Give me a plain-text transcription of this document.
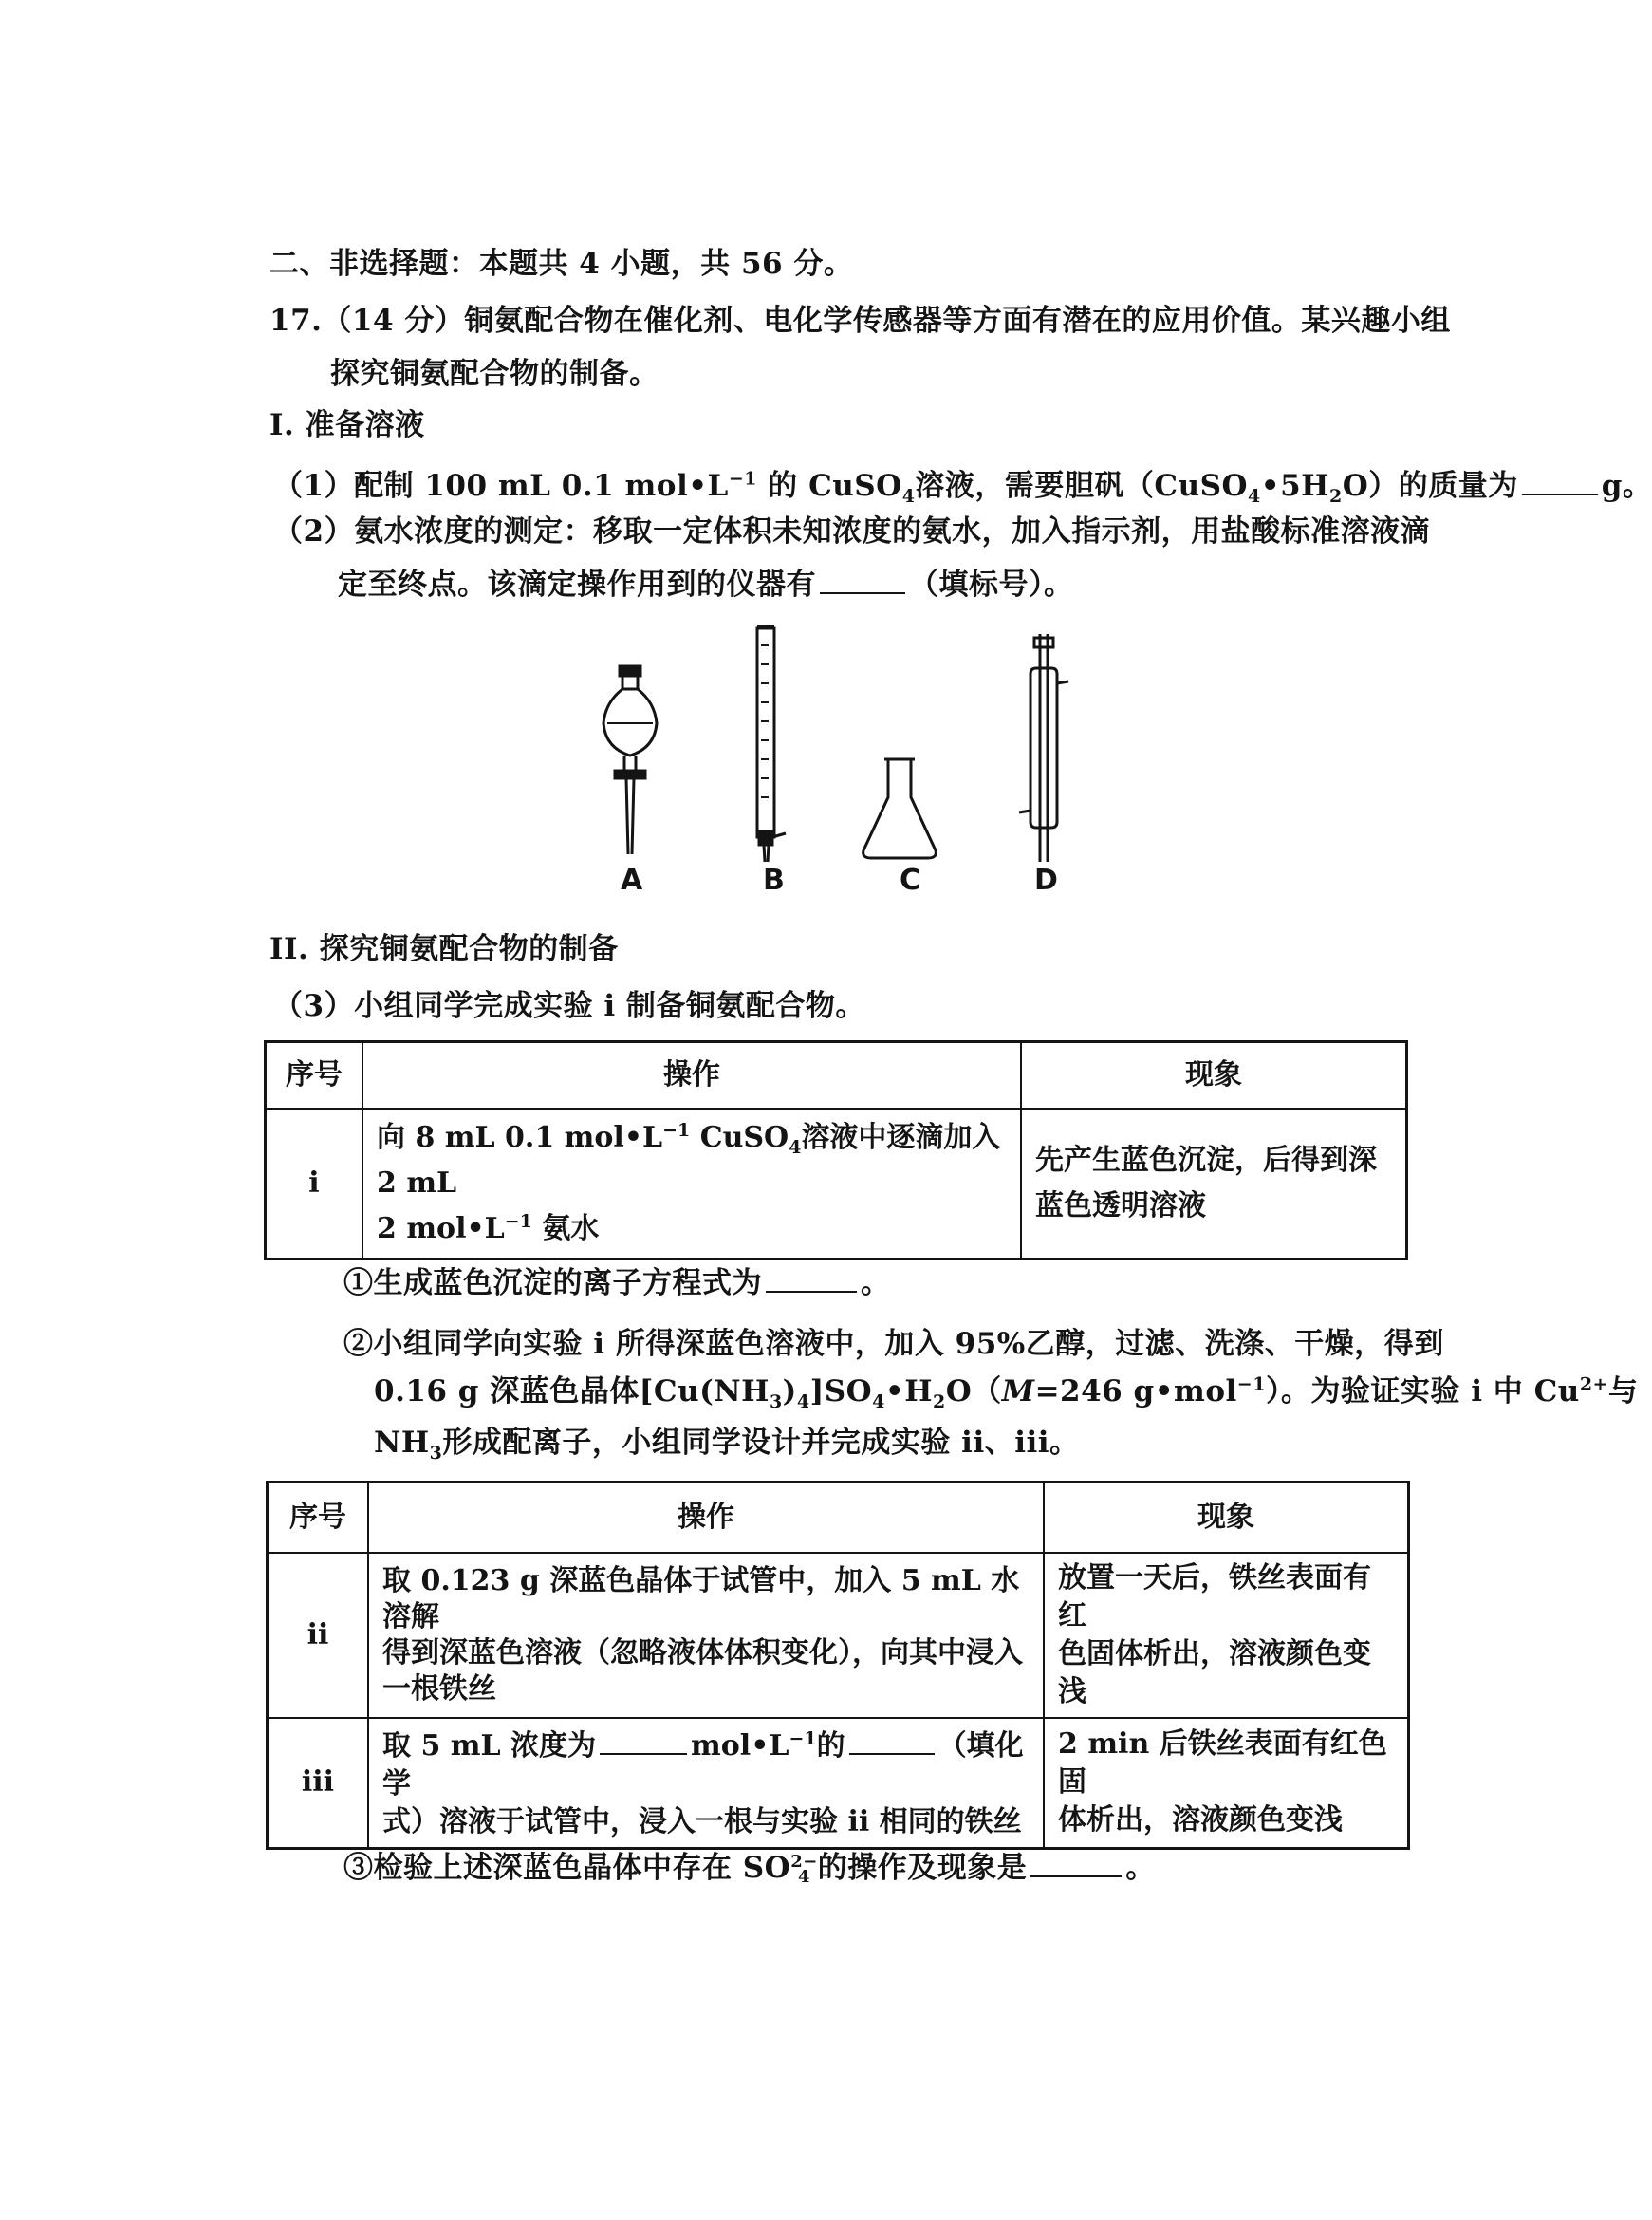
二、非选择题：本题共 4 小题，共 56 分。
17.（14 分）铜氨配合物在催化剂、电化学传感器等方面有潜在的应用价值。某兴趣小组
探究铜氨配合物的制备。
I. 准备溶液
（1）配制 100 mL 0.1 $mol•L^{-1}$ 的 CuSO$_4$溶液，需要胆矾$(CuSO_4•5H_2O)$的质量为	g。
（2）氨水浓度的测定：移取一定体积未知浓度的氨水，加入指示剂，用盐酸标准溶液滴
定至终点。该滴定操作用到的仪器有	（填标号）。
A	B	C	D
II. 探究铜氨配合物的制备
（3）小组同学完成实验 i 制备铜氨配合物。
序号	操作	现象
i	向 8 mL 0.1 $mol•L^{-1}$ CuSO$_4$溶液中逐滴加入 2 mL
2 $mol•L^{-1}$ 氨水	先产生蓝色沉淀，后得到深
蓝色透明溶液
①生成蓝色沉淀的离子方程式为	。
②小组同学向实验 i 所得深蓝色溶液中，加入 95%乙醇，过滤、洗涤、干燥，得到
0.16 g 深蓝色晶体$[Cu(NH_3)_4]SO_4•H_2O(M=246$ g•mol$^{-1}$）。为验证实验 i 中 $Cu^{2+}$与
$NH_3$形成配离子，小组同学设计并完成实验 ii、iii。
序号	操作	现象
ii	取 0.123 g 深蓝色晶体于试管中，加入 5 mL 水溶解
得到深蓝色溶液（忽略液体体积变化），向其中浸入
一根铁丝	放置一天后，铁丝表面有红
色固体析出，溶液颜色变浅
iii	取 5 mL 浓度为 $mol•L^{-1}$的 （填化学
式）溶液于试管中，浸入一根与实验 ii 相同的铁丝	2 min 后铁丝表面有红色固
体析出，溶液颜色变浅
③检验上述深蓝色晶体中存在 SO 2−
4 的操作及现象是	。
